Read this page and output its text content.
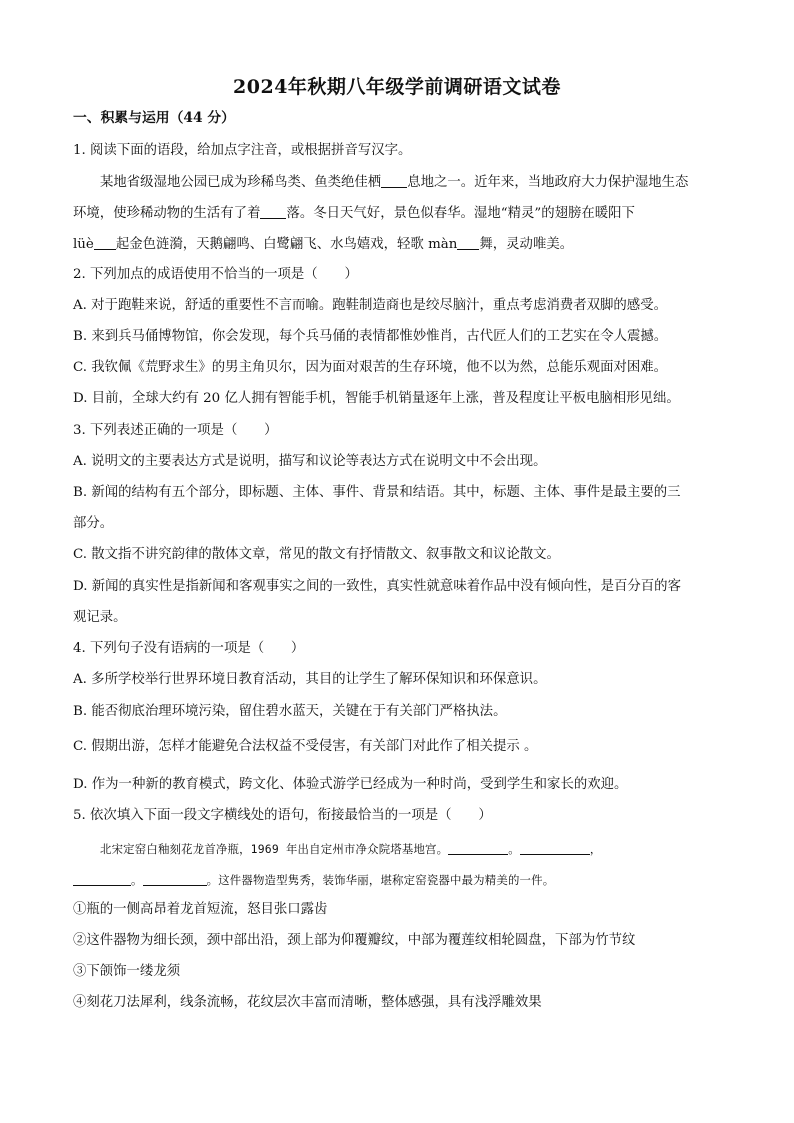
2024年秋期八年级学前调研语文试卷
一、积累与运用（44 分）
1. 阅读下面的语段，给加点字注音，或根据拼音写汉字。
某地省级湿地公园已成为珍稀鸟类、鱼类绝佳栖 息地之一。近年来，当地政府大力保护湿地生态
环境，使珍稀动物的生活有了着 落。冬日天气好，景色似春华。湿地“精灵”的翅膀在暖阳下
lüè 起金色涟漪，天鹅翩鸣、白鹭翩飞、水鸟嬉戏，轻歌 màn 舞，灵动唯美。
2. 下列加点的成语使用不恰当的一项是（　　）
A. 对于跑鞋来说，舒适的重要性不言而喻。跑鞋制造商也是绞尽脑汁，重点考虑消费者双脚的感受。
B. 来到兵马俑博物馆，你会发现，每个兵马俑的表情都惟妙惟肖，古代匠人们的工艺实在令人震撼。
C. 我钦佩《荒野求生》的男主角贝尔，因为面对艰苦的生存环境，他不以为然，总能乐观面对困难。
D. 目前，全球大约有 20 亿人拥有智能手机，智能手机销量逐年上涨，普及程度让平板电脑相形见绌。
3. 下列表述正确的一项是（　　）
A. 说明文的主要表达方式是说明，描写和议论等表达方式在说明文中不会出现。
B. 新闻的结构有五个部分，即标题、主体、事件、背景和结语。其中，标题、主体、事件是最主要的三
部分。
C. 散文指不讲究韵律的散体文章，常见的散文有抒情散文、叙事散文和议论散文。
D. 新闻的真实性是指新闻和客观事实之间的一致性，真实性就意味着作品中没有倾向性，是百分百的客
观记录。
4. 下列句子没有语病的一项是（　　）
A. 多所学校举行世界环境日教育活动，其目的让学生了解环保知识和环保意识。
B. 能否彻底治理环境污染，留住碧水蓝天，关键在于有关部门严格执法。
C. 假期出游，怎样才能避免合法权益不受侵害，有关部门对此作了相关提示 。
D. 作为一种新的教育模式，跨文化、体验式游学已经成为一种时尚，受到学生和家长的欢迎。
5. 依次填入下面一段文字横线处的语句，衔接最恰当的一项是（　　）
北宋定窑白釉刻花龙首净瓶，1969 年出自定州市净众院塔基地宫。	。	，
。	。这件器物造型隽秀，装饰华丽，堪称定窑瓷器中最为精美的一件。
①瓶的一侧高昂着龙首短流，怒目张口露齿
②这件器物为细长颈，颈中部出沿，颈上部为仰覆瓣纹，中部为覆莲纹相轮圆盘，下部为竹节纹
③下颌饰一缕龙须
④刻花刀法犀利，线条流畅，花纹层次丰富而清晰，整体感强，具有浅浮雕效果
